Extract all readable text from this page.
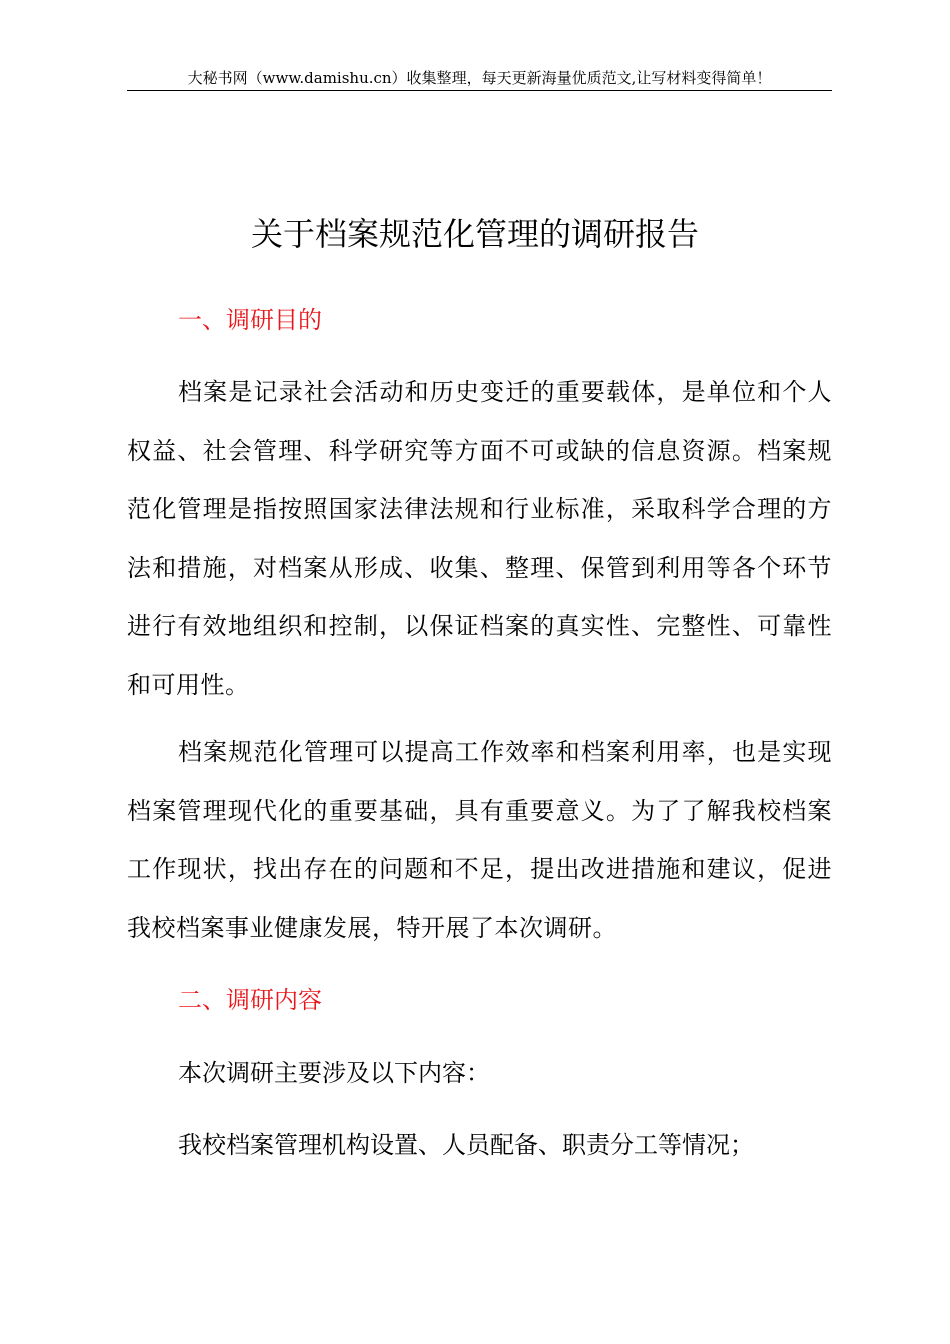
大秘书网（www.damishu.cn）收集整理，每天更新海量优质范文,让写材料变得简单！
关于档案规范化管理的调研报告
一、调研目的
档案是记录社会活动和历史变迁的重要载体，是单位和个人权益、社会管理、科学研究等方面不可或缺的信息资源。档案规范化管理是指按照国家法律法规和行业标准，采取科学合理的方法和措施，对档案从形成、收集、整理、保管到利用等各个环节进行有效地组织和控制，以保证档案的真实性、完整性、可靠性和可用性。
档案规范化管理可以提高工作效率和档案利用率，也是实现档案管理现代化的重要基础，具有重要意义。为了了解我校档案工作现状，找出存在的问题和不足，提出改进措施和建议，促进我校档案事业健康发展，特开展了本次调研。
二、调研内容
本次调研主要涉及以下内容：
我校档案管理机构设置、人员配备、职责分工等情况；
